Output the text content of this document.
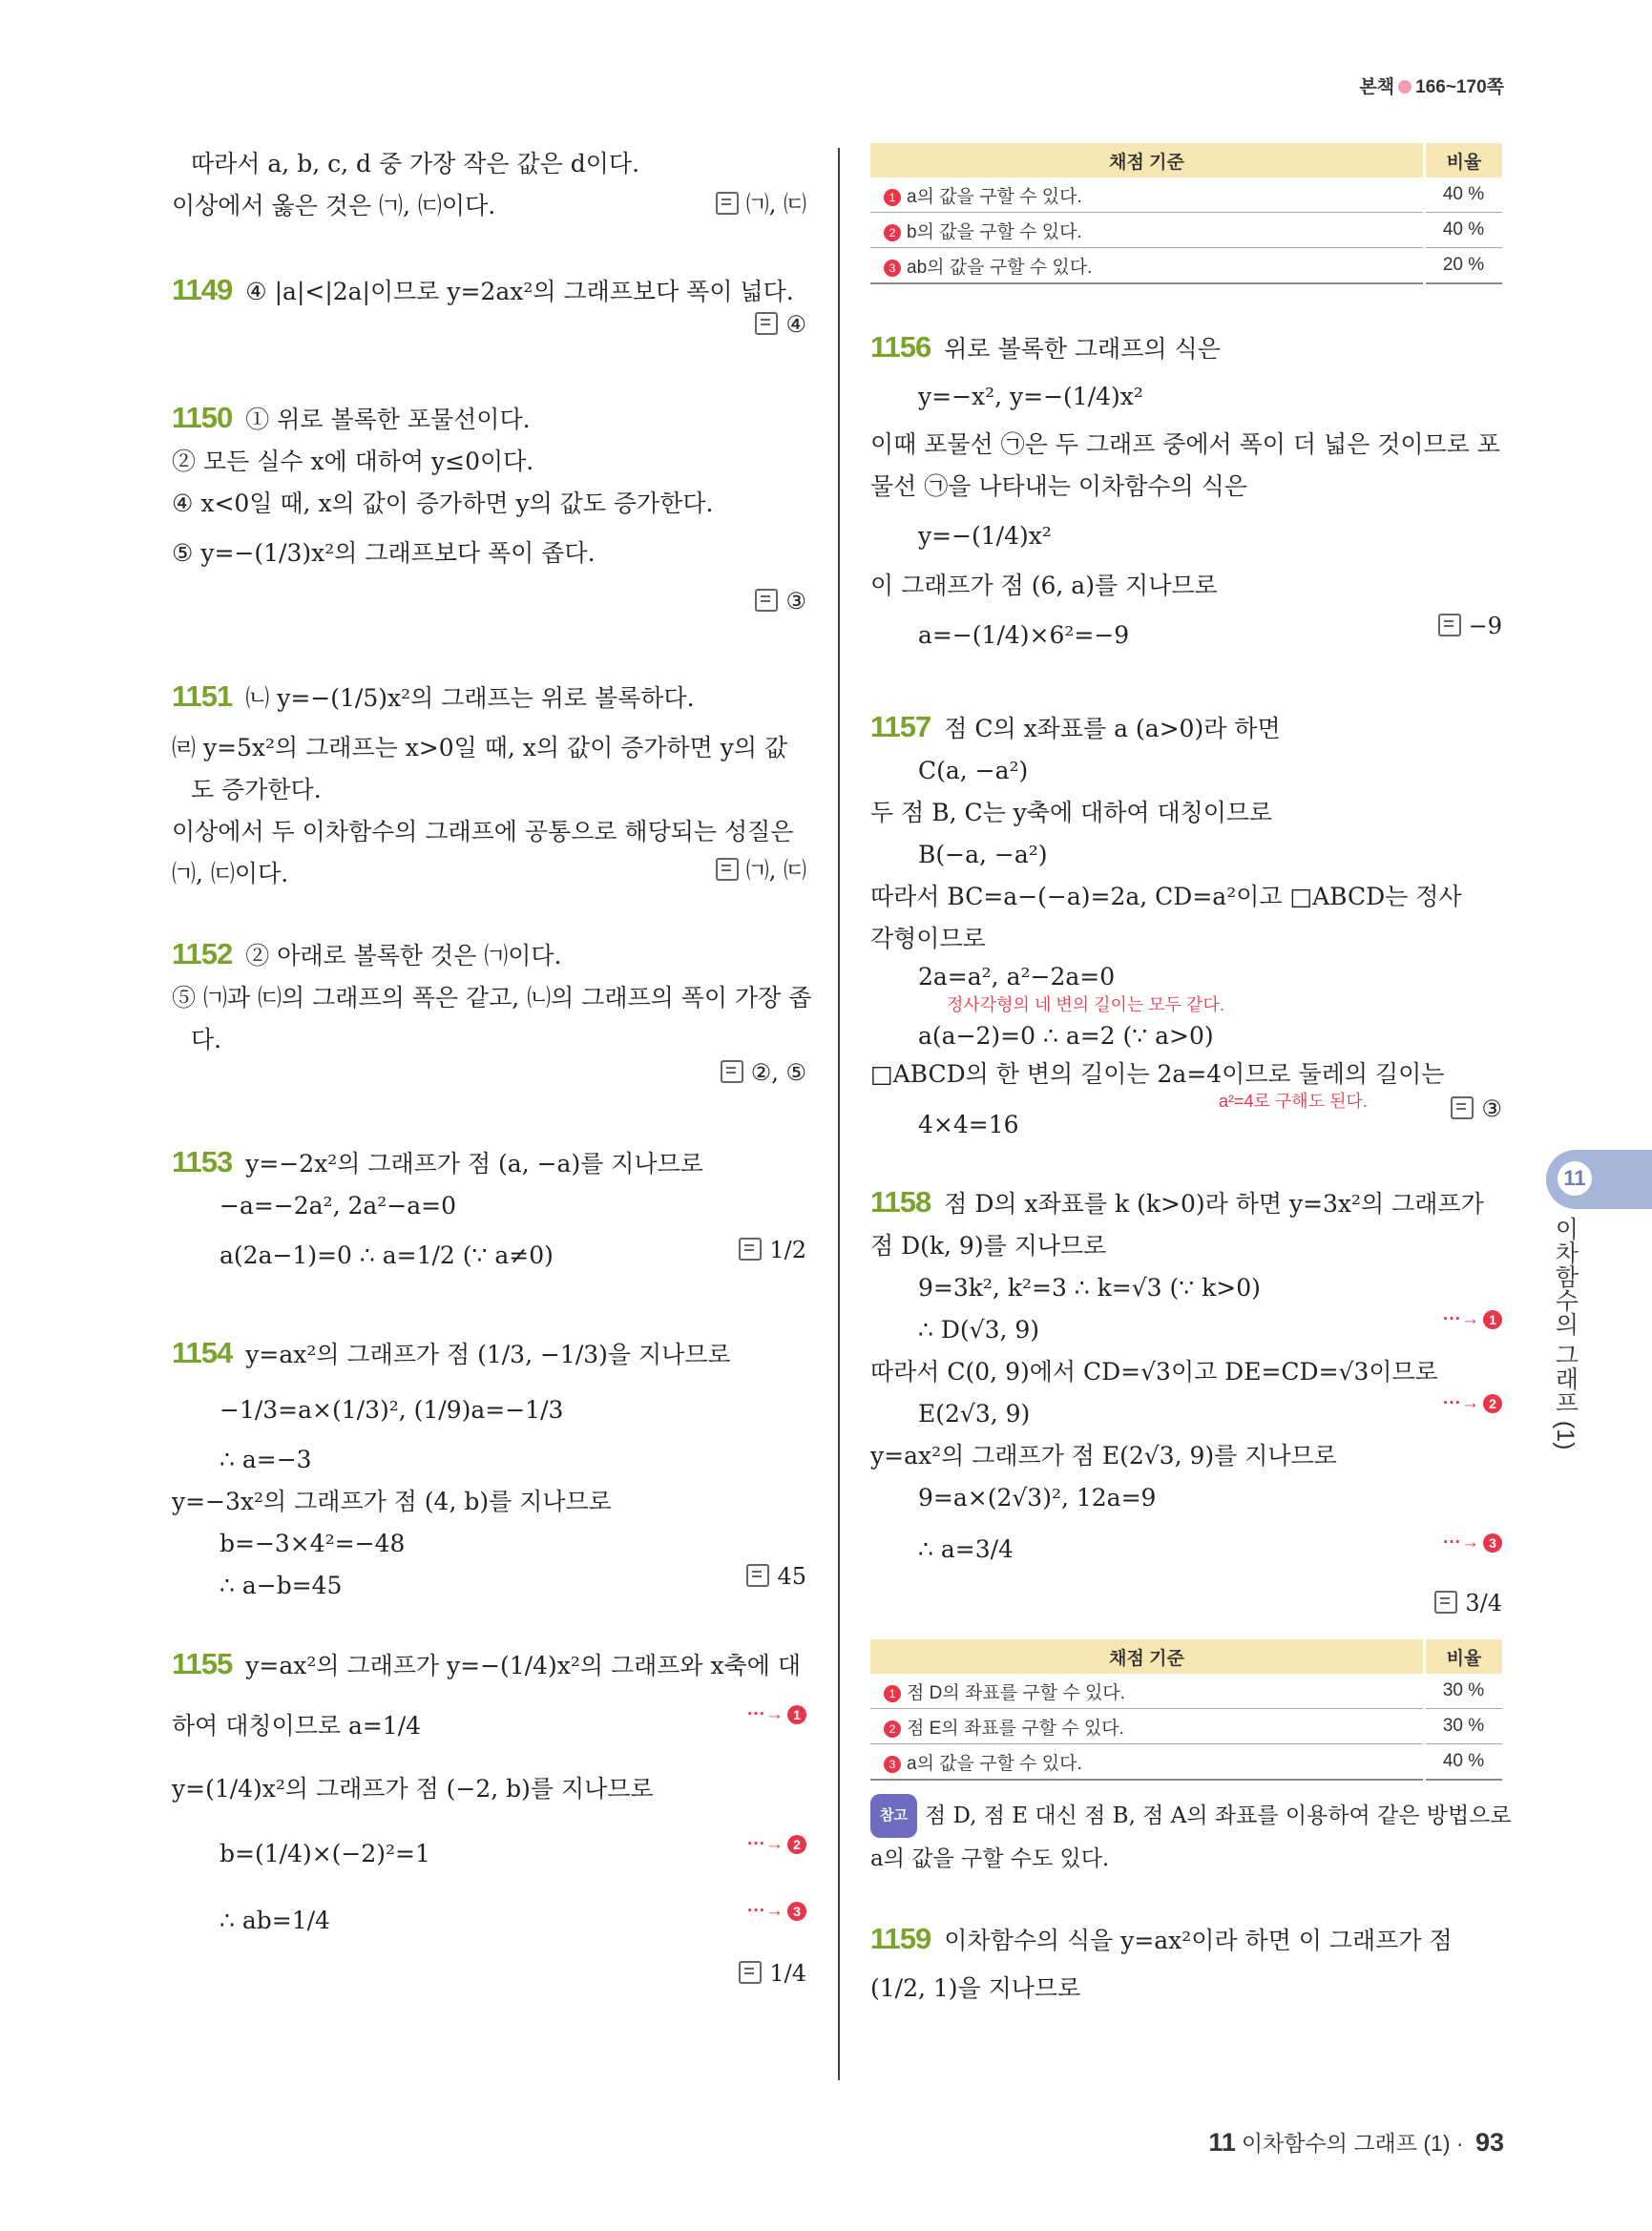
본책 166~170쪽
따라서 a, b, c, d 중 가장 작은 값은 d이다.
이상에서 옳은 것은 ㈀, ㈂이다.	㈀, ㈂
1149 ④ |a|<|2a|이므로 y=2ax²의 그래프보다 폭이 넓다.
④
1150 ① 위로 볼록한 포물선이다.
② 모든 실수 x에 대하여 y≤0이다.
④ x<0일 때, x의 값이 증가하면 y의 값도 증가한다.
⑤ y=−(1/3)x²의 그래프보다 폭이 좁다.
③
1151 ㈁ y=−(1/5)x²의 그래프는 위로 볼록하다.
㈃ y=5x²의 그래프는 x>0일 때, x의 값이 증가하면 y의 값
도 증가한다.
이상에서 두 이차함수의 그래프에 공통으로 해당되는 성질은
㈀, ㈂이다.	㈀, ㈂
1152 ② 아래로 볼록한 것은 ㈀이다.
⑤ ㈀과 ㈂의 그래프의 폭은 같고, ㈁의 그래프의 폭이 가장 좁
다.
②, ⑤
1153 y=−2x²의 그래프가 점 (a, −a)를 지나므로
−a=−2a², 2a²−a=0
a(2a−1)=0 ∴ a=1/2 (∵ a≠0)	1/2
1154 y=ax²의 그래프가 점 (1/3, −1/3)을 지나므로
−1/3=a×(1/3)², (1/9)a=−1/3
∴ a=−3
y=−3x²의 그래프가 점 (4, b)를 지나므로
b=−3×4²=−48
∴ a−b=45	45
1155 y=ax²의 그래프가 y=−(1/4)x²의 그래프와 x축에 대
하여 대칭이므로 a=1/4
y=(1/4)x²의 그래프가 점 (−2, b)를 지나므로
b=(1/4)×(−2)²=1
∴ ab=1/4
···→ 1
···→ 2
···→ 3
1/4
채점 기준	비율
1 a의 값을 구할 수 있다.	40 %
2 b의 값을 구할 수 있다.	40 %
3 ab의 값을 구할 수 있다.	20 %
1156 위로 볼록한 그래프의 식은
y=−x², y=−(1/4)x²
이때 포물선 ㉠은 두 그래프 중에서 폭이 더 넓은 것이므로 포
물선 ㉠을 나타내는 이차함수의 식은
y=−(1/4)x²
이 그래프가 점 (6, a)를 지나므로
a=−(1/4)×6²=−9	−9
1157 점 C의 x좌표를 a (a>0)라 하면
C(a, −a²)
두 점 B, C는 y축에 대하여 대칭이므로
B(−a, −a²)
따라서 BC=a−(−a)=2a, CD=a²이고 □ABCD는 정사
각형이므로
2a=a², a²−2a=0
정사각형의 네 변의 길이는 모두 같다.
a(a−2)=0 ∴ a=2 (∵ a>0)
□ABCD의 한 변의 길이는 2a=4이므로 둘레의 길이는
a²=4로 구해도 된다.
4×4=16
③
1158 점 D의 x좌표를 k (k>0)라 하면 y=3x²의 그래프가
점 D(k, 9)를 지나므로
9=3k², k²=3 ∴ k=√3 (∵ k>0)
∴ D(√3, 9)
따라서 C(0, 9)에서 CD=√3이고 DE=CD=√3이므로
E(2√3, 9)
y=ax²의 그래프가 점 E(2√3, 9)를 지나므로
9=a×(2√3)², 12a=9
∴ a=3/4
···→ 1
···→ 2
···→ 3
3/4
채점 기준	비율
1 점 D의 좌표를 구할 수 있다.	30 %
2 점 E의 좌표를 구할 수 있다.	30 %
3 a의 값을 구할 수 있다.	40 %
참고 점 D, 점 E 대신 점 B, 점 A의 좌표를 이용하여 같은 방법으로
a의 값을 구할 수도 있다.
1159 이차함수의 식을 y=ax²이라 하면 이 그래프가 점
(1/2, 1)을 지나므로
11
이차함수의 그래프 (1)
11 이차함수의 그래프 (1) · 93
